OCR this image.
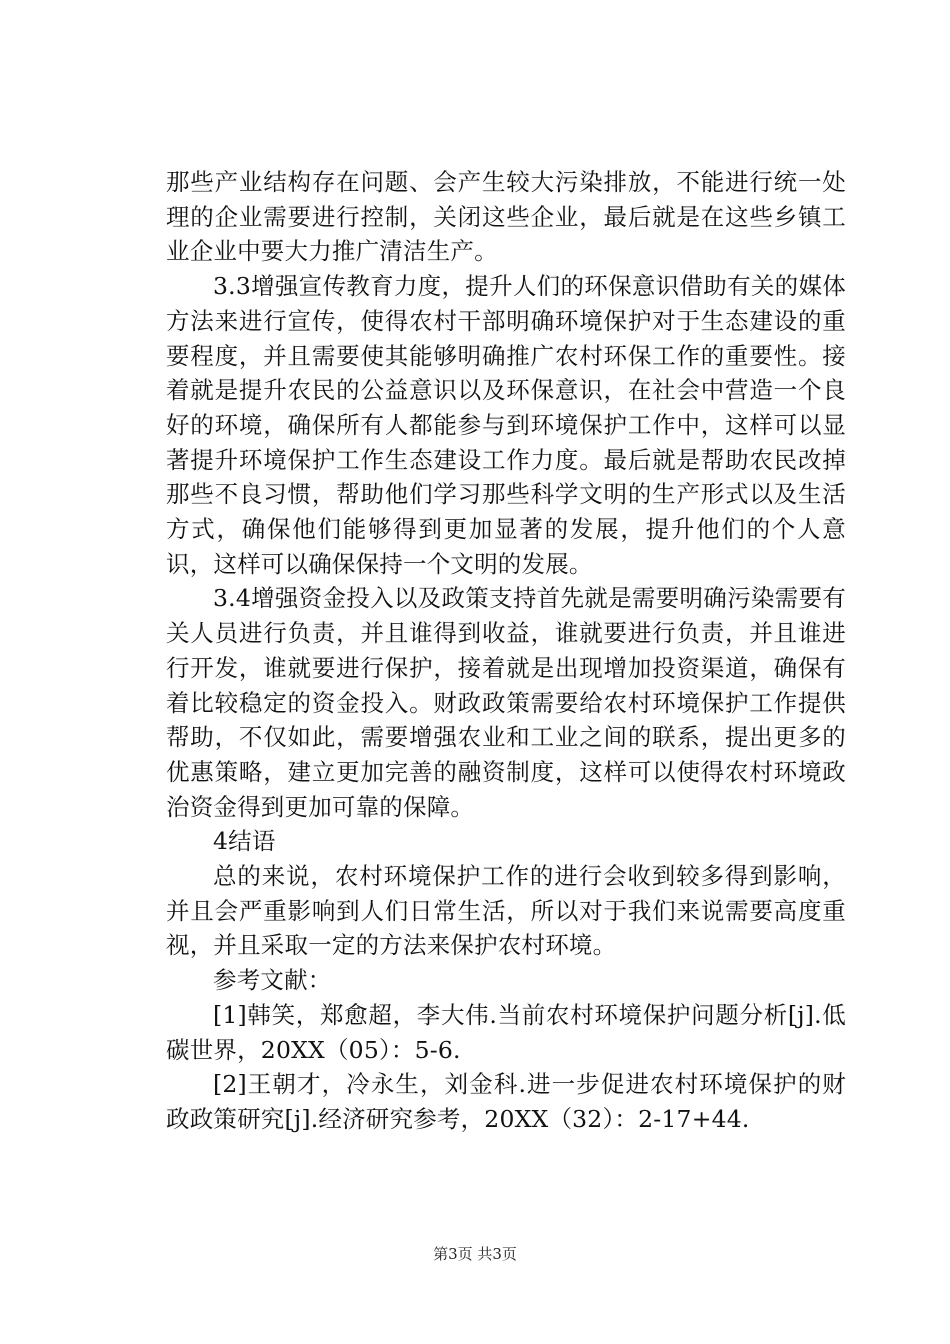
那些产业结构存在问题、会产生较大污染排放，不能进行统一处理的企业需要进行控制，关闭这些企业，最后就是在这些乡镇工业企业中要大力推广清洁生产。

3.3增强宣传教育力度，提升人们的环保意识借助有关的媒体方法来进行宣传，使得农村干部明确环境保护对于生态建设的重要程度，并且需要使其能够明确推广农村环保工作的重要性。接着就是提升农民的公益意识以及环保意识，在社会中营造一个良好的环境，确保所有人都能参与到环境保护工作中，这样可以显著提升环境保护工作生态建设工作力度。最后就是帮助农民改掉那些不良习惯，帮助他们学习那些科学文明的生产形式以及生活方式，确保他们能够得到更加显著的发展，提升他们的个人意识，这样可以确保保持一个文明的发展。

3.4增强资金投入以及政策支持首先就是需要明确污染需要有关人员进行负责，并且谁得到收益，谁就要进行负责，并且谁进行开发，谁就要进行保护，接着就是出现增加投资渠道，确保有着比较稳定的资金投入。财政政策需要给农村环境保护工作提供帮助，不仅如此，需要增强农业和工业之间的联系，提出更多的优惠策略，建立更加完善的融资制度，这样可以使得农村环境政治资金得到更加可靠的保障。

4结语

总的来说，农村环境保护工作的进行会收到较多得到影响，并且会严重影响到人们日常生活，所以对于我们来说需要高度重视，并且采取一定的方法来保护农村环境。

参考文献：

[1]韩笑，郑愈超，李大伟.当前农村环境保护问题分析[j].低碳世界，20XX（05）：5-6.

[2]王朝才，冷永生，刘金科.进一步促进农村环境保护的财政政策研究[j].经济研究参考，20XX（32）：2-17+44.

第3页 共3页
